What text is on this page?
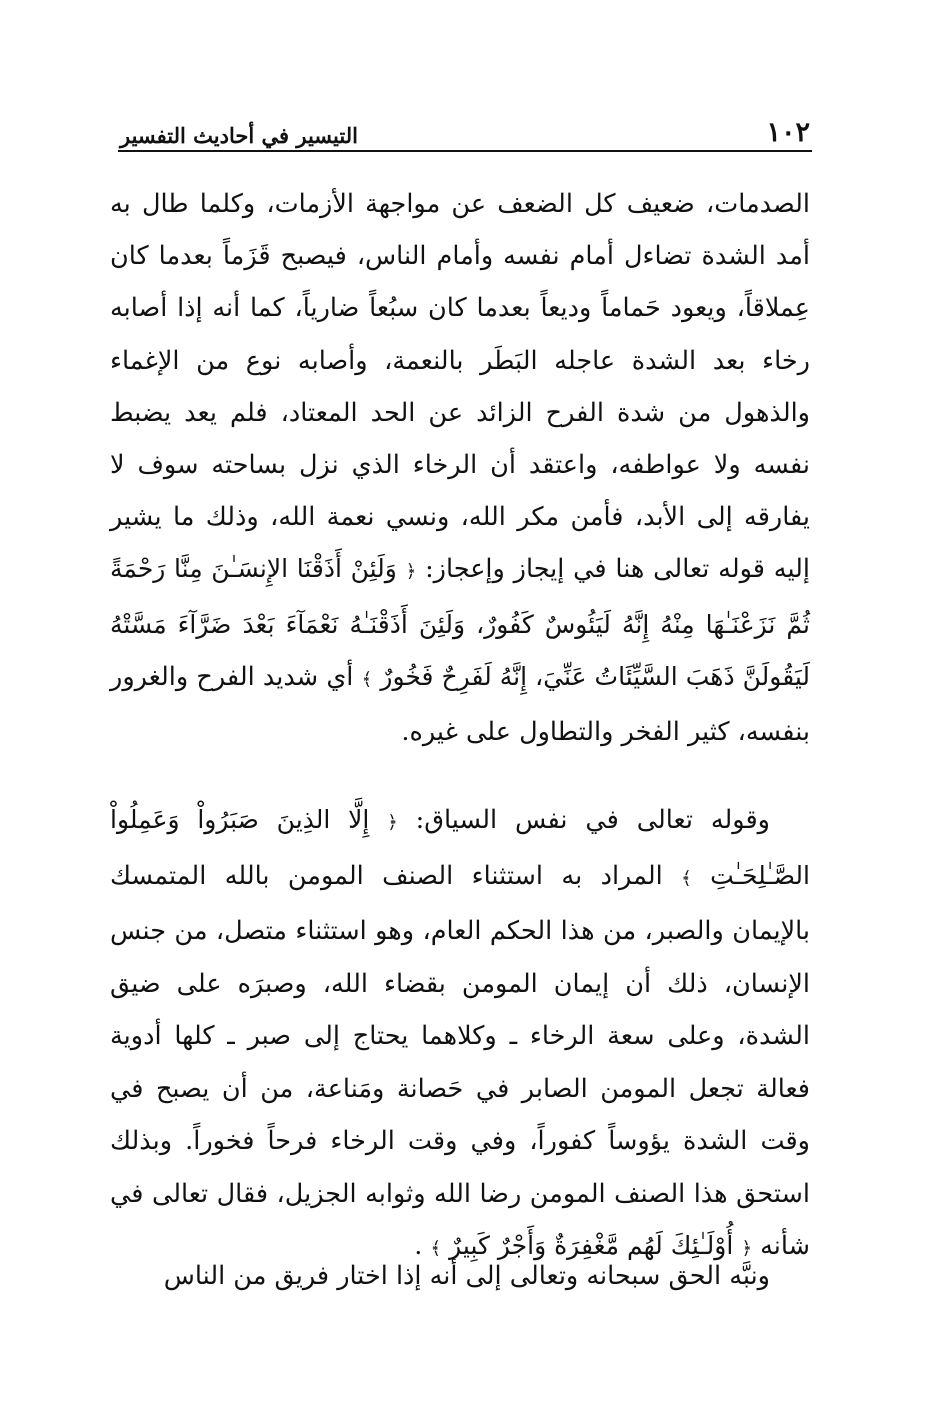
١٠٢
التيسير في أحاديث التفسير

الصدمات، ضعيف كل الضعف عن مواجهة الأزمات، وكلما طال به أمد الشدة تضاءل أمام نفسه وأمام الناس، فيصبح قَزَماً بعدما كان عِملاقاً، ويعود حَماماً وديعاً بعدما كان سبُعاً ضارياً، كما أنه إذا أصابه رخاء بعد الشدة عاجله البَطَر بالنعمة، وأصابه نوع من الإغماء والذهول من شدة الفرح الزائد عن الحد المعتاد، فلم يعد يضبط نفسه ولا عواطفه، واعتقد أن الرخاء الذي نزل بساحته سوف لا يفارقه إلى الأبد، فأمن مكر الله، ونسي نعمة الله، وذلك ما يشير إليه قوله تعالى هنا في إيجاز وإعجاز: ﴿ وَلَئِنْ أَذَقْنَا الإِنسَـٰنَ مِنَّا رَحْمَةً ثُمَّ نَزَعْنَـٰهَا مِنْهُ إِنَّهُ لَيَئُوسٌ كَفُورٌ، وَلَئِنَ أَذَقْنَـٰهُ نَعْمَآءَ بَعْدَ ضَرَّآءَ مَسَّتْهُ لَيَقُولَنَّ ذَهَبَ السَّيِّئَاتُ عَنِّيَ، إِنَّهُ لَفَرِحٌ فَخُورٌ ﴾ أي شديد الفرح والغرور بنفسه، كثير الفخر والتطاول على غيره.

وقوله تعالى في نفس السياق: ﴿ إِلَّا الذِينَ صَبَرُواْ وَعَمِلُواْ الصَّـٰلِحَـٰتِ ﴾ المراد به استثناء الصنف المومن بالله المتمسك بالإيمان والصبر، من هذا الحكم العام، وهو استثناء متصل، من جنس الإنسان، ذلك أن إيمان المومن بقضاء الله، وصبرَه على ضيق الشدة، وعلى سعة الرخاء ـ وكلاهما يحتاج إلى صبر ـ كلها أدوية فعالة تجعل المومن الصابر في حَصانة ومَناعة، من أن يصبح في وقت الشدة يؤوساً كفوراً، وفي وقت الرخاء فرحاً فخوراً. وبذلك استحق هذا الصنف المومن رضا الله وثوابه الجزيل، فقال تعالى في شأنه ﴿ أُوْلَـٰئِكَ لَهُم مَّغْفِرَةٌ وَأَجْرٌ كَبِيرٌ ﴾ .

ونبَّه الحق سبحانه وتعالى إلى أنه إذا اختار فريق من الناس
